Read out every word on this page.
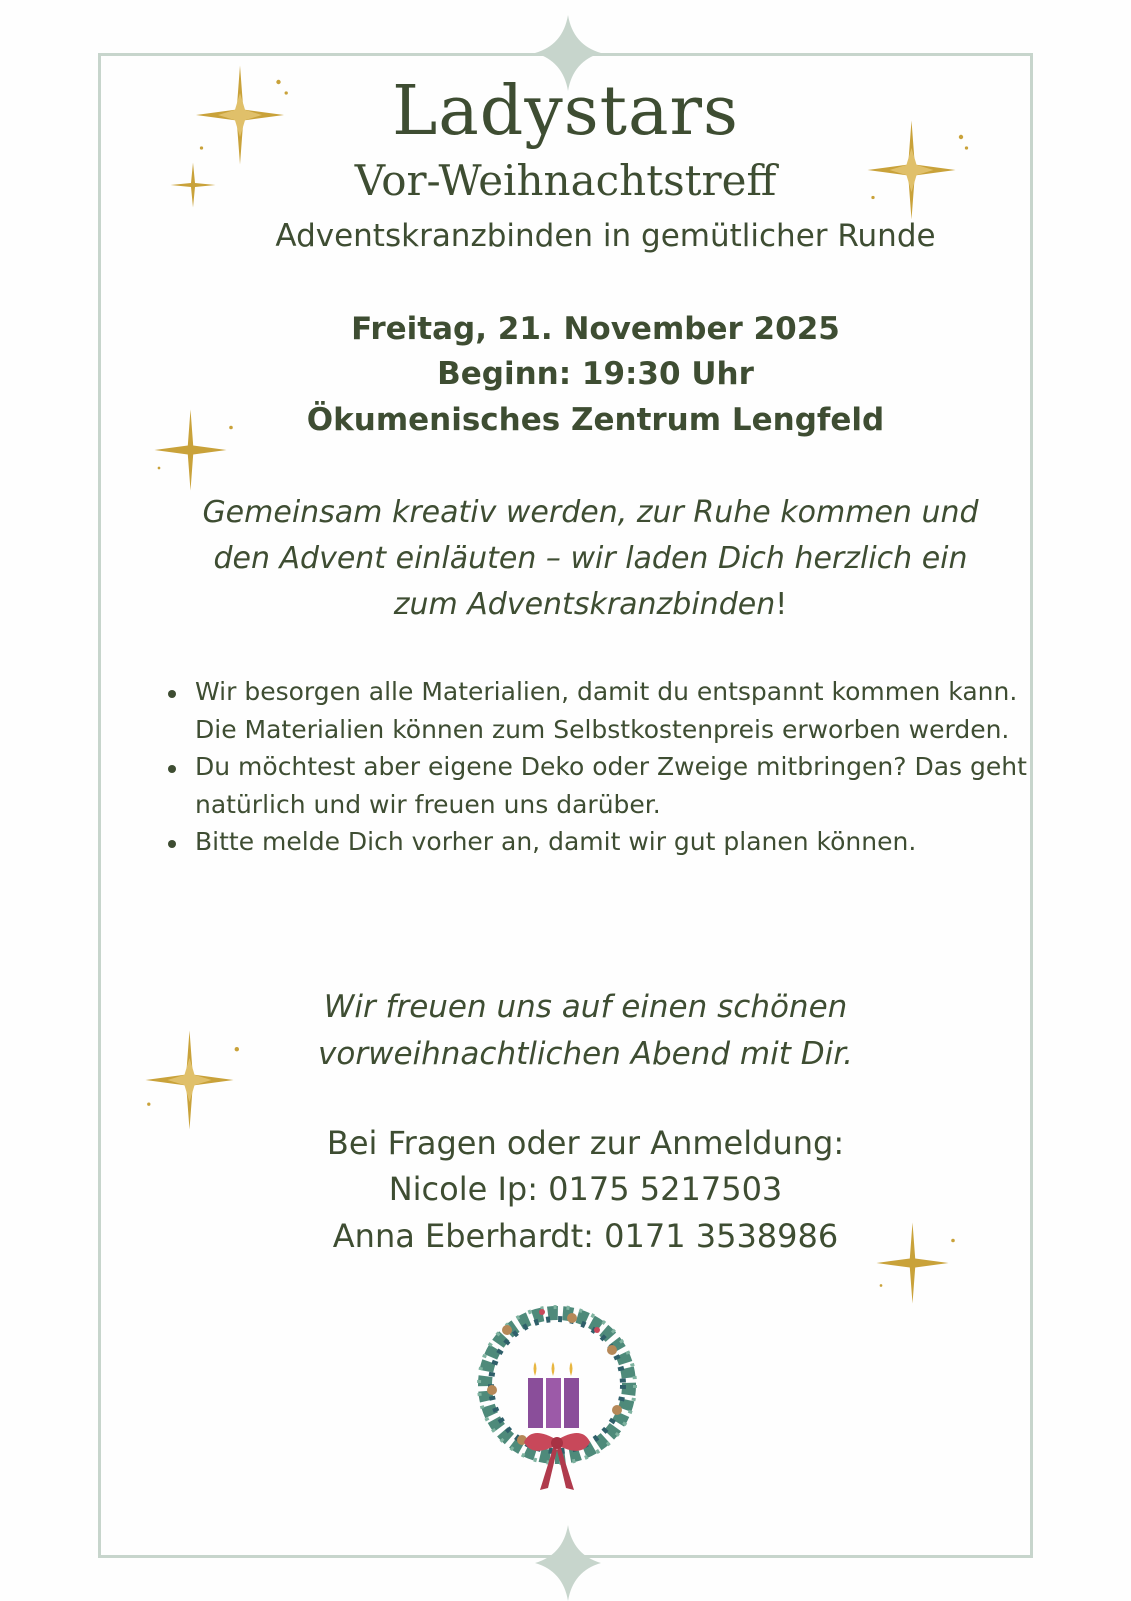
Ladystars
Vor-Weihnachtstreff
Adventskranzbinden in gemütlicher Runde
Freitag, 21. November 2025
Beginn: 19:30 Uhr
Ökumenisches Zentrum Lengfeld
Gemeinsam kreativ werden, zur Ruhe kommen und
den Advent einläuten – wir laden Dich herzlich ein
zum Adventskranzbinden!
Wir besorgen alle Materialien, damit du entspannt kommen kann. Die Materialien können zum Selbstkostenpreis erworben werden.
Du möchtest aber eigene Deko oder Zweige mitbringen? Das geht natürlich und wir freuen uns darüber.
Bitte melde Dich vorher an, damit wir gut planen können.
Wir freuen uns auf einen schönen
vorweihnachtlichen Abend mit Dir.
Bei Fragen oder zur Anmeldung:
Nicole Ip: 0175 5217503
Anna Eberhardt: 0171 3538986
